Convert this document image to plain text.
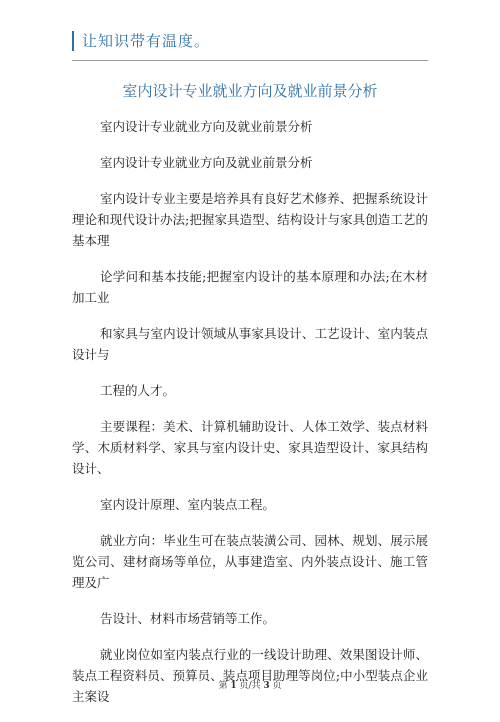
让知识带有温度。
室内设计专业就业方向及就业前景分析

室内设计专业就业方向及就业前景分析

室内设计专业就业方向及就业前景分析

室内设计专业主要是培养具有良好艺术修养、把握系统设计理论和现代设计办法;把握家具造型、结构设计与家具创造工艺的基本理

论学问和基本技能;把握室内设计的基本原理和办法;在木材加工业

和家具与室内设计领域从事家具设计、工艺设计、室内装点设计与

工程的人才。

主要课程：美术、计算机辅助设计、人体工效学、装点材料学、木质材料学、家具与室内设计史、家具造型设计、家具结构设计、

室内设计原理、室内装点工程。

就业方向：毕业生可在装点装潢公司、园林、规划、展示展览公司、建材商场等单位，从事建造室、内外装点设计、施工管理及广

告设计、材料市场营销等工作。

就业岗位如室内装点行业的一线设计助理、效果图设计师、装点工程资料员、预算员、装点项目助理等岗位;中小型装点企业主案设

第 1 页/共 3 页
